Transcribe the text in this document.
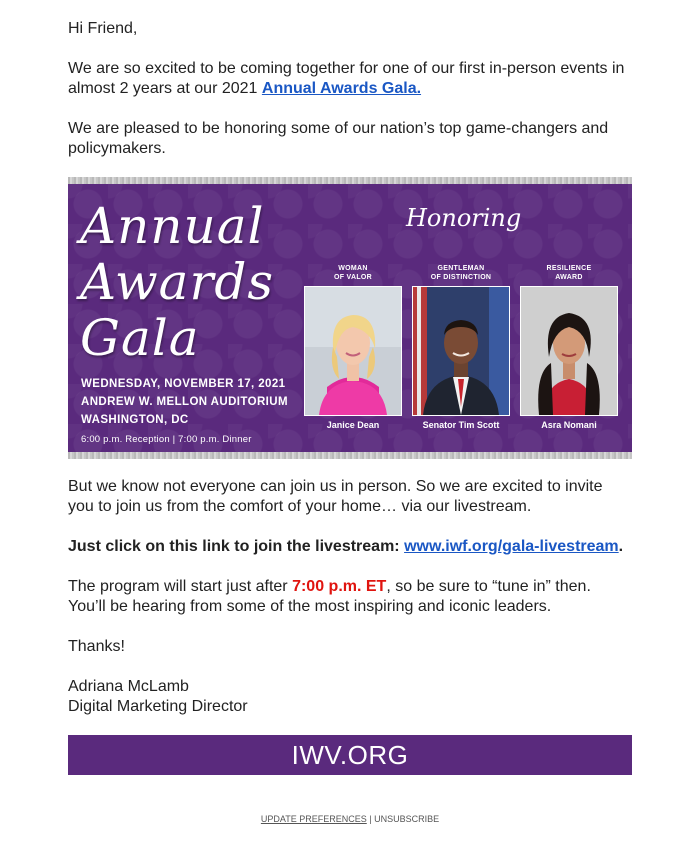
Hi Friend,

We are so excited to be coming together for one of our first in-person events in almost 2 years at our 2021 Annual Awards Gala.

We are pleased to be honoring some of our nation’s top game-changers and policymakers.

But we know not everyone can join us in person. So we are excited to invite you to join us from the comfort of your home… via our livestream.

Just click on this link to join the livestream: www.iwf.org/gala-livestream.

The program will start just after 7:00 p.m. ET, so be sure to “tune in” then. You’ll be hearing from some of the most inspiring and iconic leaders.

Thanks!

Adriana McLamb

Digital Marketing Director

Annual
Awards
Gala
Honoring
WEDNESDAY, NOVEMBER 17, 2021
ANDREW W. MELLON AUDITORIUM
WASHINGTON, DC
6:00 p.m. Reception | 7:00 p.m. Dinner
WOMAN
OF VALOR
Janice Dean
GENTLEMAN
OF DISTINCTION
Senator Tim Scott
RESILIENCE
AWARD
Asra Nomani
IWV.ORG
UPDATE PREFERENCES | UNSUBSCRIBE
